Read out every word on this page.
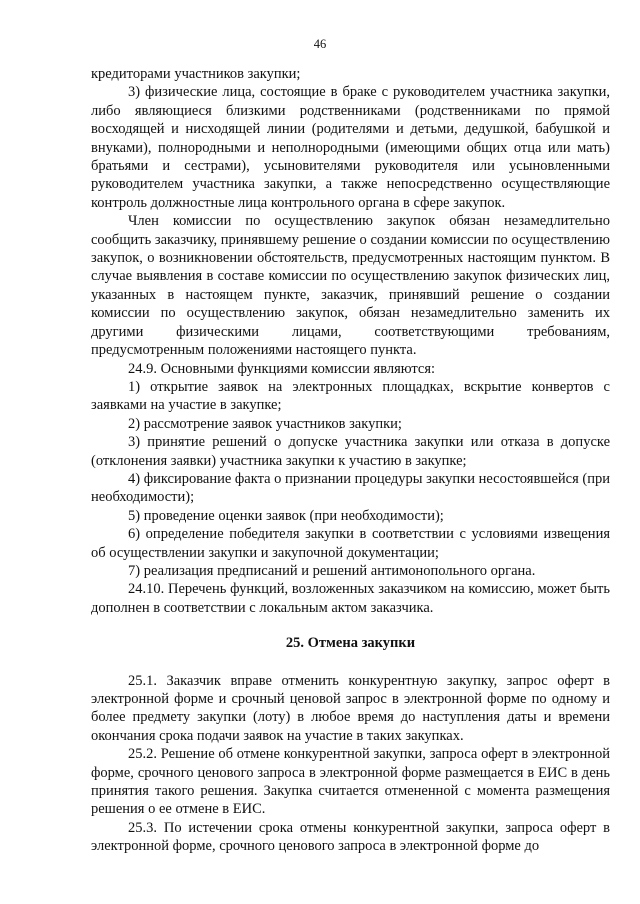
46

кредиторами участников закупки;

3) физические лица, состоящие в браке с руководителем участника закупки, либо являющиеся близкими родственниками (родственниками по прямой восходящей и нисходящей линии (родителями и детьми, дедушкой, бабушкой и внуками), полнородными и неполнородными (имеющими общих отца или мать) братьями и сестрами), усыновителями руководителя или усыновленными руководителем участника закупки, а также непосредственно осуществляющие контроль должностные лица контрольного органа в сфере закупок.

Член комиссии по осуществлению закупок обязан незамедлительно сообщить заказчику, принявшему решение о создании комиссии по осуществлению закупок, о возникновении обстоятельств, предусмотренных настоящим пунктом. В случае выявления в составе комиссии по осуществлению закупок физических лиц, указанных в настоящем пункте, заказчик, принявший решение о создании комиссии по осуществлению закупок, обязан незамедлительно заменить их другими физическими лицами, соответствующими требованиям, предусмотренным положениями настоящего пункта.

24.9. Основными функциями комиссии являются:

1) открытие заявок на электронных площадках, вскрытие конвертов с заявками на участие в закупке;

2) рассмотрение заявок участников закупки;

3) принятие решений о допуске участника закупки или отказа в допуске (отклонения заявки) участника закупки к участию в закупке;

4) фиксирование факта о признании процедуры закупки несостоявшейся (при необходимости);

5) проведение оценки заявок (при необходимости);

6) определение победителя закупки в соответствии с условиями извещения об осуществлении закупки и закупочной документации;

7) реализация предписаний и решений антимонопольного органа.

24.10. Перечень функций, возложенных заказчиком на комиссию, может быть дополнен в соответствии с локальным актом заказчика.

25. Отмена закупки

25.1. Заказчик вправе отменить конкурентную закупку, запрос оферт в электронной форме и срочный ценовой запрос в электронной форме по одному и более предмету закупки (лоту) в любое время до наступления даты и времени окончания срока подачи заявок на участие в таких закупках.

25.2. Решение об отмене конкурентной закупки, запроса оферт в электронной форме, срочного ценового запроса в электронной форме размещается в ЕИС в день принятия такого решения. Закупка считается отмененной с момента размещения решения о ее отмене в ЕИС.

25.3. По истечении срока отмены конкурентной закупки, запроса оферт в электронной форме, срочного ценового запроса в электронной форме до
